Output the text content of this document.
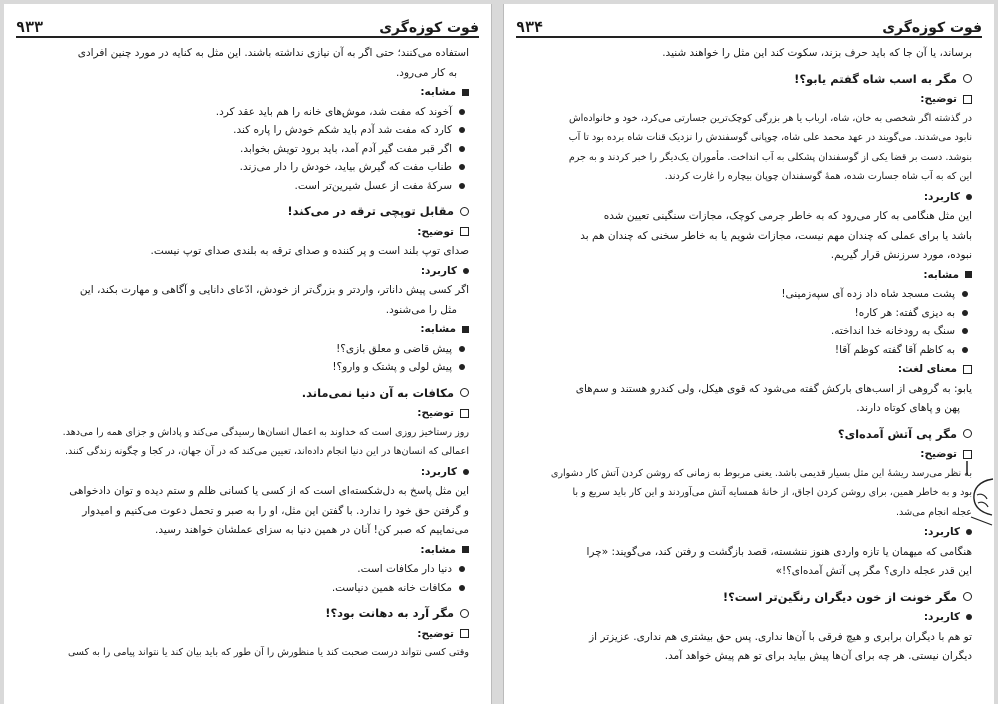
فوت کوزه‌گری
۹۳۳

استفاده می‌کنند؛ حتی اگر به آن نیازی نداشته باشند. این مثل به کنایه در مورد چنین افرادی

به کار می‌رود.

مشابه:
آخوند که مفت شد، موش‌های خانه را هم باید عقد کرد.
کارد که مفت شد آدم باید شکم خودش را پاره کند.
اگر قبر مفت گیر آدم آمد، باید برود تویش بخوابد.
طناب مفت که گیرش بیاید، خودش را دار می‌زند.
سرکهٔ مفت از عسل شیرین‌تر است.
مقابل توپچی ترقه در می‌کند!
توضیح:

صدای توپ بلند است و پر کننده و صدای ترقه به بلندی صدای توپ نیست.

کاربرد:

اگر کسی پیش داناتر، واردتر و بزرگ‌تر از خودش، ادّعای دانایی و آگاهی و مهارت بکند، این

مثل را می‌شنود.

مشابه:
پیش قاضی و معلق بازی؟!
پیش لولی و پشتک و وارو؟!
مکافات به آن دنیا نمی‌ماند.
توضیح:

روز رستاخیز روزی است که خداوند به اعمال انسان‌ها رسیدگی می‌کند و پاداش و جزای همه را می‌دهد.

اعمالی که انسان‌ها در این دنیا انجام داده‌اند، تعیین می‌کند که در آن جهان، در کجا و چگونه زندگی کنند.

کاربرد:

این مثل پاسخ به دل‌شکسته‌ای است که از کسی یا کسانی ظلم و ستم دیده و توان دادخواهی

و گرفتن حق خود را ندارد. با گفتن این مثل، او را به صبر و تحمل دعوت می‌کنیم و امیدوار

می‌نماییم که صبر کن! آنان در همین دنیا به سزای عملشان خواهند رسید.

مشابه:
دنیا دار مکافات است.
مکافات خانه همین دنیاست.
مگر آرد به دهانت بود؟!
توضیح:

وقتی کسی نتواند درست صحبت کند یا منظورش را آن طور که باید بیان کند یا نتواند پیامی را به کسی

فوت کوزه‌گری
۹۳۴

برساند، یا آن جا که باید حرف بزند، سکوت کند این مثل را خواهند شنید.

مگر به اسب شاه گفتم یابو؟!
توضیح:

در گذشته اگر شخصی به خان، شاه، ارباب یا هر بزرگی کوچک‌ترین جسارتی می‌کرد، خود و خانواده‌اش

نابود می‌شدند. می‌گویند در عهد محمد علی شاه، چوپانی گوسفندش را نزدیک قنات شاه برده بود تا آب

بنوشد. دست بر قضا یکی از گوسفندان پشکلی به آب انداخت. مأموران یک‌دیگر را خبر کردند و به جرم

این که به آب شاه جسارت شده، همهٔ گوسفندان چوپان بیچاره را غارت کردند.

کاربرد:

این مثل هنگامی به کار می‌رود که به خاطر جرمی کوچک، مجازات سنگینی تعیین شده

باشد یا برای عملی که چندان مهم نیست، مجازات شویم یا به خاطر سخنی که چندان هم بد

نبوده، مورد سرزنش قرار گیریم.

مشابه:
پشت مسجد شاه داد زده آی سپه‌زمینی!
به دیزی گفته: هر کاره!
سنگ به رودخانه خدا انداخته.
به کاظم آقا گفته کوظم آقا!
معنای لغت:

یابو: به گروهی از اسب‌های بارکش گفته می‌شود که قوی هیکل، ولی کندرو هستند و سم‌های

پهن و پاهای کوتاه دارند.

مگر پی آتش آمده‌ای؟
توضیح:

به نظر می‌رسد ریشهٔ این مثل بسیار قدیمی باشد. یعنی مربوط به زمانی که روشن کردن آتش کار دشواری

بود و به خاطر همین، برای روشن کردن اجاق، از خانهٔ همسایه آتش می‌آوردند و این کار باید سریع و با

عجله انجام می‌شد.

کاربرد:

هنگامی که میهمان یا تازه واردی هنوز ننشسته، قصد بازگشت و رفتن کند، می‌گویند: «چرا

این قدر عجله داری؟ مگر پی آتش آمده‌ای؟!»

مگر خونت از خون دیگران رنگین‌تر است؟!
کاربرد:

تو هم با دیگران برابری و هیچ فرقی با آن‌ها نداری. پس حق بیشتری هم نداری. عزیزتر از

دیگران نیستی. هر چه برای آن‌ها پیش بیاید برای تو هم پیش خواهد آمد.
